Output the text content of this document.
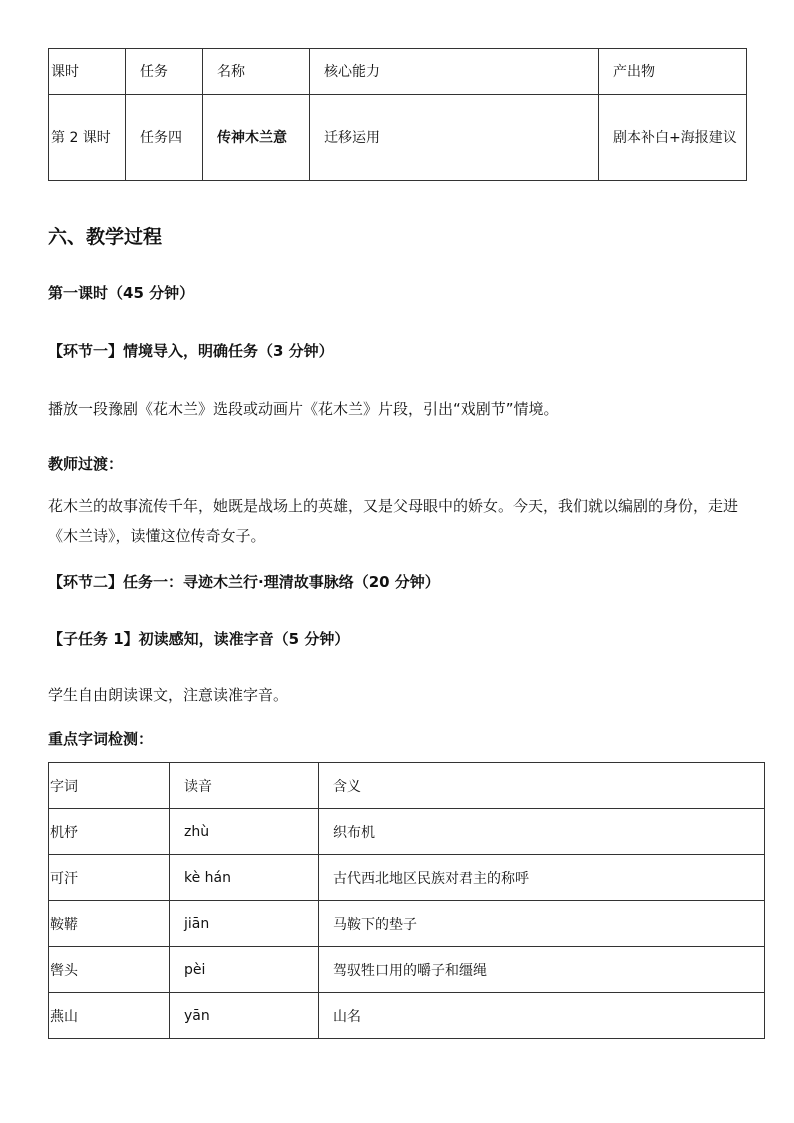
课时	任务	名称	核心能力	产出物
第 2 课时	任务四	传神木兰意	迁移运用	剧本补白+海报建议
六、教学过程
第一课时（45 分钟）
【环节一】情境导入，明确任务（3 分钟）
播放一段豫剧《花木兰》选段或动画片《花木兰》片段，引出“戏剧节”情境。
教师过渡：
花木兰的故事流传千年，她既是战场上的英雄，又是父母眼中的娇女。今天，我们就以编剧的身份，走进《木兰诗》，读懂这位传奇女子。
【环节二】任务一：寻迹木兰行·理清故事脉络（20 分钟）
【子任务 1】初读感知，读准字音（5 分钟）
学生自由朗读课文，注意读准字音。
重点字词检测：
字词	读音	含义
机杼	zhù	织布机
可汗	kè hán	古代西北地区民族对君主的称呼
鞍鞯	jiān	马鞍下的垫子
辔头	pèi	驾驭牲口用的嚼子和缰绳
燕山	yān	山名
